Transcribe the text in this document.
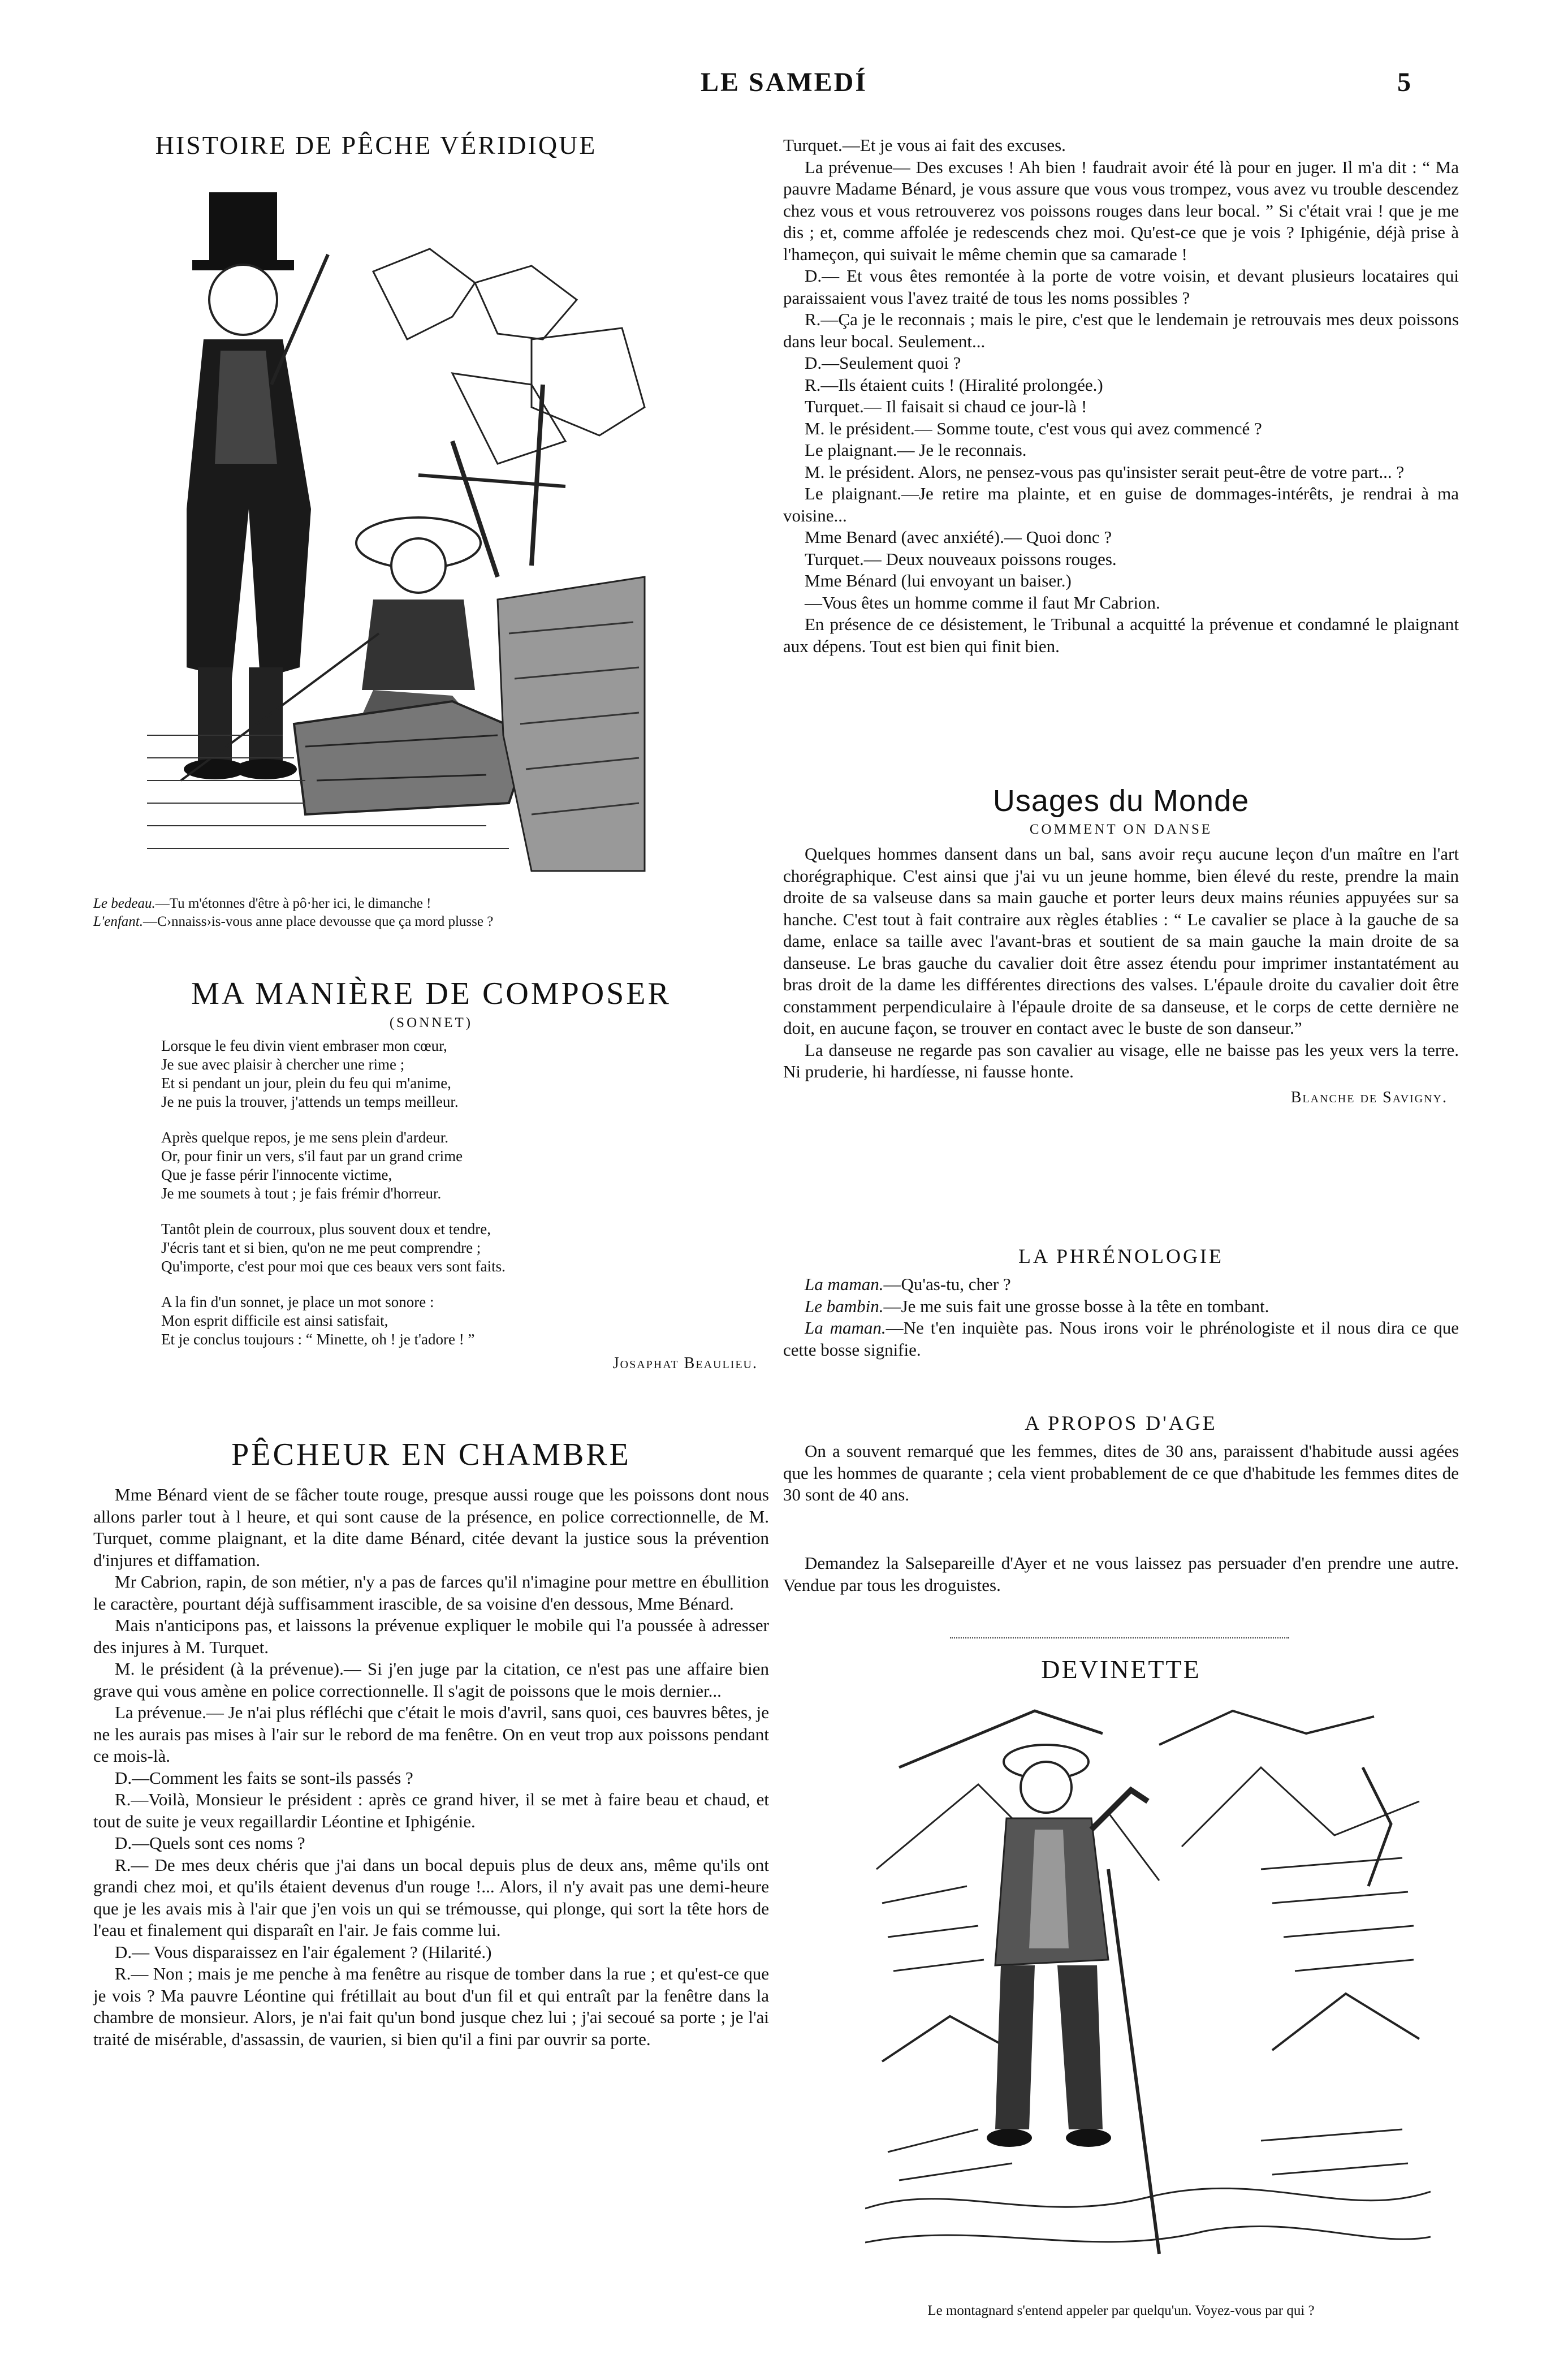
LE SAMEDÍ	5
HISTOIRE DE PÊCHE VÉRIDIQUE
Le bedeau.—Tu m'étonnes d'être à pô·her ici, le dimanche !
L'enfant.—C›nnaiss›is-vous anne place devousse que ça mord plusse ?
MA MANIÈRE DE COMPOSER
(SONNET)
Lorsque le feu divin vient embraser mon cœur,
Je sue avec plaisir à chercher une rime ;
Et si pendant un jour, plein du feu qui m'anime,
Je ne puis la trouver, j'attends un temps meilleur.
Après quelque repos, je me sens plein d'ardeur.
Or, pour finir un vers, s'il faut par un grand crime
Que je fasse périr l'innocente victime,
Je me soumets à tout ; je fais frémir d'horreur.
Tantôt plein de courroux, plus souvent doux et tendre,
J'écris tant et si bien, qu'on ne me peut comprendre ;
Qu'importe, c'est pour moi que ces beaux vers sont faits.
A la fin d'un sonnet, je place un mot sonore :
Mon esprit difficile est ainsi satisfait,
Et je conclus toujours : “ Minette, oh ! je t'adore ! ”
Josaphat Beaulieu.
PÊCHEUR EN CHAMBRE

Mme Bénard vient de se fâcher toute rouge, presque aussi rouge que les poissons dont nous allons parler tout à l heure, et qui sont cause de la présence, en police correctionnelle, de M. Turquet, comme plaignant, et la dite dame Bénard, citée devant la justice sous la prévention d'injures et diffamation.

Mr Cabrion, rapin, de son métier, n'y a pas de farces qu'il n'imagine pour mettre en ébullition le caractère, pourtant déjà suffisamment irascible, de sa voisine d'en dessous, Mme Bénard.

Mais n'anticipons pas, et laissons la prévenue expliquer le mobile qui l'a poussée à adresser des injures à M. Turquet.

M. le président (à la prévenue).— Si j'en juge par la citation, ce n'est pas une affaire bien grave qui vous amène en police correctionnelle. Il s'agit de poissons que le mois dernier...

La prévenue.— Je n'ai plus réfléchi que c'était le mois d'avril, sans quoi, ces bauvres bêtes, je ne les aurais pas mises à l'air sur le rebord de ma fenêtre. On en veut trop aux poissons pendant ce mois-là.

D.—Comment les faits se sont-ils passés ?

R.—Voilà, Monsieur le président : après ce grand hiver, il se met à faire beau et chaud, et tout de suite je veux regaillardir Léontine et Iphigénie.

D.—Quels sont ces noms ?

R.— De mes deux chéris que j'ai dans un bocal depuis plus de deux ans, même qu'ils ont grandi chez moi, et qu'ils étaient devenus d'un rouge !... Alors, il n'y avait pas une demi-heure que je les avais mis à l'air que j'en vois un qui se trémousse, qui plonge, qui sort la tête hors de l'eau et finalement qui disparaît en l'air. Je fais comme lui.

D.— Vous disparaissez en l'air également ? (Hilarité.)

R.— Non ; mais je me penche à ma fenêtre au risque de tomber dans la rue ; et qu'est-ce que je vois ? Ma pauvre Léontine qui frétillait au bout d'un fil et qui entraît par la fenêtre dans la chambre de monsieur. Alors, je n'ai fait qu'un bond jusque chez lui ; j'ai secoué sa porte ; je l'ai traité de misérable, d'assassin, de vaurien, si bien qu'il a fini par ouvrir sa porte.

Turquet.—Et je vous ai fait des excuses.

La prévenue— Des excuses ! Ah bien ! faudrait avoir été là pour en juger. Il m'a dit : “ Ma pauvre Madame Bénard, je vous assure que vous vous trompez, vous avez vu trouble descendez chez vous et vous retrouverez vos poissons rouges dans leur bocal. ” Si c'était vrai ! que je me dis ; et, comme affolée je redescends chez moi. Qu'est-ce que je vois ? Iphigénie, déjà prise à l'hameçon, qui suivait le même chemin que sa camarade !

D.— Et vous êtes remontée à la porte de votre voisin, et devant plusieurs locataires qui paraissaient vous l'avez traité de tous les noms possibles ?

R.—Ça je le reconnais ; mais le pire, c'est que le lendemain je retrouvais mes deux poissons dans leur bocal. Seulement...

D.—Seulement quoi ?

R.—Ils étaient cuits ! (Hiralité prolongée.)

Turquet.— Il faisait si chaud ce jour-là !

M. le président.— Somme toute, c'est vous qui avez commencé ?

Le plaignant.— Je le reconnais.

M. le président. Alors, ne pensez-vous pas qu'insister serait peut-être de votre part... ?

Le plaignant.—Je retire ma plainte, et en guise de dommages-intérêts, je rendrai à ma voisine...

Mme Benard (avec anxiété).— Quoi donc ?

Turquet.— Deux nouveaux poissons rouges.

Mme Bénard (lui envoyant un baiser.)

—Vous êtes un homme comme il faut Mr Cabrion.

En présence de ce désistement, le Tribunal a acquitté la prévenue et condamné le plaignant aux dépens. Tout est bien qui finit bien.

Usages du Monde
COMMENT ON DANSE

Quelques hommes dansent dans un bal, sans avoir reçu aucune leçon d'un maître en l'art chorégraphique. C'est ainsi que j'ai vu un jeune homme, bien élevé du reste, prendre la main droite de sa valseuse dans sa main gauche et porter leurs deux mains réunies appuyées sur sa hanche. C'est tout à fait contraire aux règles établies : “ Le cavalier se place à la gauche de sa dame, enlace sa taille avec l'avant-bras et soutient de sa main gauche la main droite de sa danseuse. Le bras gauche du cavalier doit être assez étendu pour imprimer instantatément au bras droit de la dame les différentes directions des valses. L'épaule droite du cavalier doit être constamment perpendiculaire à l'épaule droite de sa danseuse, et le corps de cette dernière ne doit, en aucune façon, se trouver en contact avec le buste de son danseur.”

La danseuse ne regarde pas son cavalier au visage, elle ne baisse pas les yeux vers la terre. Ni pruderie, hi hardíesse, ni fausse honte.

Blanche de Savigny.
LA PHRÉNOLOGIE

La maman.—Qu'as-tu, cher ?

Le bambin.—Je me suis fait une grosse bosse à la tête en tombant.

La maman.—Ne t'en inquiète pas. Nous irons voir le phrénologiste et il nous dira ce que cette bosse signifie.

A PROPOS D'AGE

On a souvent remarqué que les femmes, dites de 30 ans, paraissent d'habitude aussi agées que les hommes de quarante ; cela vient probablement de ce que d'habitude les femmes dites de 30 sont de 40 ans.

Demandez la Salsepareille d'Ayer et ne vous laissez pas persuader d'en prendre une autre. Vendue par tous les droguistes.

DEVINETTE
Le montagnard s'entend appeler par quelqu'un. Voyez-vous par qui ?
